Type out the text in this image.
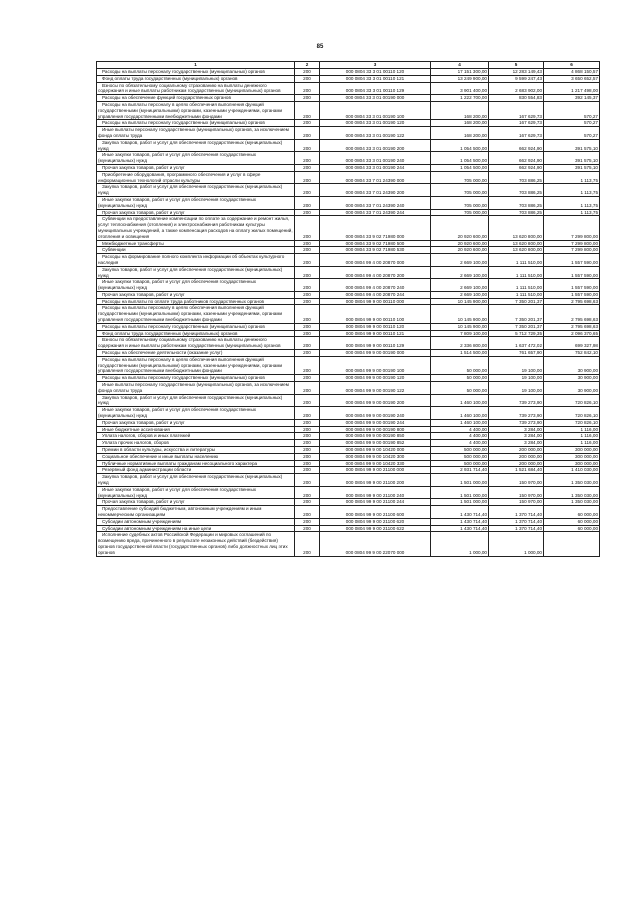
85
1	2	3	4	5	6
Расходы на выплаты персоналу государственных (муниципальных) органов	200	000 0804 33 3 01 00110 120	17 151 300,00	12 283 149,43	4 868 150,57
Фонд оплаты труда государственных (муниципальных) органов	200	000 0804 33 3 01 00110 121	13 249 900,00	9 599 247,43	3 650 652,57
Взносы по обязательному социальному страхованию на выплаты денежного содержания и иные выплаты работникам государственных (муниципальных) органов	200	000 0804 33 3 01 00110 129	3 901 400,00	2 683 902,00	1 217 498,00
Расходы на обеспечение функций государственных органов	200	000 0804 33 3 01 00190 000	1 222 700,00	830 554,83	392 145,37
Расходы на выплаты персоналу в целях обеспечения выполнения функций государственными (муниципальными) органами, казенными учреждениями, органами управления государственными внебюджетными фондами	200	000 0804 33 3 01 00190 100	168 200,00	167 629,73	570,27
Расходы на выплаты персоналу государственных (муниципальных) органов	200	000 0804 33 3 01 00190 120	168 200,00	167 629,73	570,27
Иные выплаты персоналу государственных (муниципальных) органов, за исключением фонда оплаты труда	200	000 0804 33 3 01 00190 122	168 200,00	167 629,73	570,27
Закупка товаров, работ и услуг для обеспечения государственных (муниципальных) нужд	200	000 0804 33 3 01 00190 200	1 054 500,00	662 924,90	391 575,10
Иные закупки товаров, работ и услуг для обеспечения государственных (муниципальных) нужд	200	000 0804 33 3 01 00190 240	1 054 500,00	662 924,90	391 575,10
Прочая закупка товаров, работ и услуг	200	000 0804 33 3 01 00190 244	1 054 500,00	662 924,90	391 575,10
Приобретение оборудования, программного обеспечения и услуг в сфере информационных технологий отрасли культуры	200	000 0804 33 7 01 24390 000	705 000,00	703 886,25	1 113,75
Закупка товаров, работ и услуг для обеспечения государственных (муниципальных) нужд	200	000 0804 33 7 01 24390 200	705 000,00	703 886,25	1 113,75
Иные закупки товаров, работ и услуг для обеспечения государственных (муниципальных) нужд	200	000 0804 33 7 01 24390 240	705 000,00	703 886,25	1 113,75
Прочая закупка товаров, работ и услуг	200	000 0804 33 7 01 24390 244	705 000,00	703 886,25	1 113,75
Субвенции на предоставление компенсации по оплате за содержание и ремонт жилья, услуг теплоснабжения (отопления) и электроснабжения работникам культуры муниципальных учреждений, а также компенсация расходов на оплату жилых помещений, отопления и освещения	200	000 0804 33 9 02 71980 000	20 920 600,00	13 620 800,00	7 299 800,00
Межбюджетные трансферты	200	000 0804 33 9 02 71980 500	20 920 600,00	13 620 800,00	7 299 800,00
Субвенции	200	000 0804 33 9 02 71980 530	20 920 600,00	13 620 800,00	7 299 800,00
Расходы на формирование полного комплекта информации об объектах культурного наследия	200	000 0804 99 4 00 20870 000	2 669 100,00	1 111 510,00	1 557 590,00
Закупка товаров, работ и услуг для обеспечения государственных (муниципальных) нужд	200	000 0804 99 4 00 20870 200	2 669 100,00	1 111 510,00	1 557 590,00
Иные закупки товаров, работ и услуг для обеспечения государственных (муниципальных) нужд	200	000 0804 99 4 00 20870 240	2 669 100,00	1 111 510,00	1 557 590,00
Прочая закупка товаров, работ и услуг	200	000 0804 99 4 00 20870 244	2 669 100,00	1 111 510,00	1 557 590,00
Расходы на выплаты по оплате труда работников государственных органов	200	000 0804 99 9 00 00110 000	10 145 900,00	7 350 201,37	2 795 698,63
Расходы на выплаты персоналу в целях обеспечения выполнения функций государственными (муниципальными) органами, казенными учреждениями, органами управления государственными внебюджетными фондами	200	000 0804 99 9 00 00110 100	10 145 900,00	7 350 201,37	2 795 698,63
Расходы на выплаты персоналу государственных (муниципальных) органов	200	000 0804 99 9 00 00110 120	10 145 900,00	7 350 201,37	2 795 698,63
Фонд оплаты труда государственных (муниципальных) органов	200	000 0804 99 9 00 00110 121	7 809 100,00	5 712 729,35	2 096 370,65
Взносы по обязательному социальному страхованию на выплаты денежного содержания и иные выплаты работникам государственных (муниципальных) органов	200	000 0804 99 9 00 00110 129	2 336 800,00	1 637 472,02	699 327,98
Расходы на обеспечение деятельности (оказание услуг)	200	000 0804 99 9 00 00190 000	1 514 500,00	761 657,90	752 842,10
Расходы на выплаты персоналу в целях обеспечения выполнения функций государственными (муниципальными) органами, казенными учреждениями, органами управления государственными внебюджетными фондами	200	000 0804 99 9 00 00190 100	50 000,00	19 100,00	30 900,00
Расходы на выплаты персоналу государственных (муниципальных) органов	200	000 0804 99 9 00 00190 120	50 000,00	19 100,00	30 900,00
Иные выплаты персоналу государственных (муниципальных) органов, за исключением фонда оплаты труда	200	000 0804 99 9 00 00190 122	50 000,00	19 100,00	30 900,00
Закупка товаров, работ и услуг для обеспечения государственных (муниципальных) нужд	200	000 0804 99 9 00 00190 200	1 460 100,00	739 273,90	720 826,10
Иные закупки товаров, работ и услуг для обеспечения государственных (муниципальных) нужд	200	000 0804 99 9 00 00190 240	1 460 100,00	739 273,90	720 826,10
Прочая закупка товаров, работ и услуг	200	000 0804 99 9 00 00190 244	1 460 100,00	739 273,90	720 826,10
Иные бюджетные ассигнования	200	000 0804 99 9 00 00190 800	4 400,00	3 284,00	1 116,00
Уплата налогов, сборов и иных платежей	200	000 0804 99 9 00 00190 850	4 400,00	3 284,00	1 116,00
Уплата прочих налогов, сборов	200	000 0804 99 9 00 00190 852	4 400,00	3 284,00	1 116,00
Премии в области культуры, искусства и литературы	200	000 0804 99 9 00 10420 000	500 000,00	200 000,00	300 000,00
Социальное обеспечение и иные выплаты населению	200	000 0804 99 9 00 10420 300	500 000,00	200 000,00	300 000,00
Публичные нормативные выплаты гражданам несоциального характера	200	000 0804 99 9 00 10420 330	500 000,00	200 000,00	300 000,00
Резервный фонд администрации области	200	000 0804 99 9 00 21100 000	2 931 714,40	1 521 684,40	1 410 030,00
Закупка товаров, работ и услуг для обеспечения государственных (муниципальных) нужд	200	000 0804 99 9 00 21100 200	1 501 000,00	150 970,00	1 350 030,00
Иные закупки товаров, работ и услуг для обеспечения государственных (муниципальных) нужд	200	000 0804 99 9 00 21100 240	1 501 000,00	150 970,00	1 350 030,00
Прочая закупка товаров, работ и услуг	200	000 0804 99 9 00 21100 244	1 501 000,00	150 970,00	1 350 030,00
Предоставление субсидий бюджетным, автономным учреждениям и иным некоммерческим организациям	200	000 0804 99 9 00 21100 600	1 430 714,40	1 370 714,40	60 000,00
Субсидии автономным учреждениям	200	000 0804 99 9 00 21100 620	1 430 714,40	1 370 714,40	60 000,00
Субсидии автономным учреждениям на иные цели	200	000 0804 99 9 00 21100 622	1 430 714,40	1 370 714,40	60 000,00
Исполнение судебных актов Российской Федерации и мировых соглашений по возмещению вреда, причиненного в результате незаконных действий (бездействия) органов государственной власти (государственных органов) либо должностных лиц этих органов	200	000 0804 99 9 00 22070 000	1 000,00	1 000,00	
